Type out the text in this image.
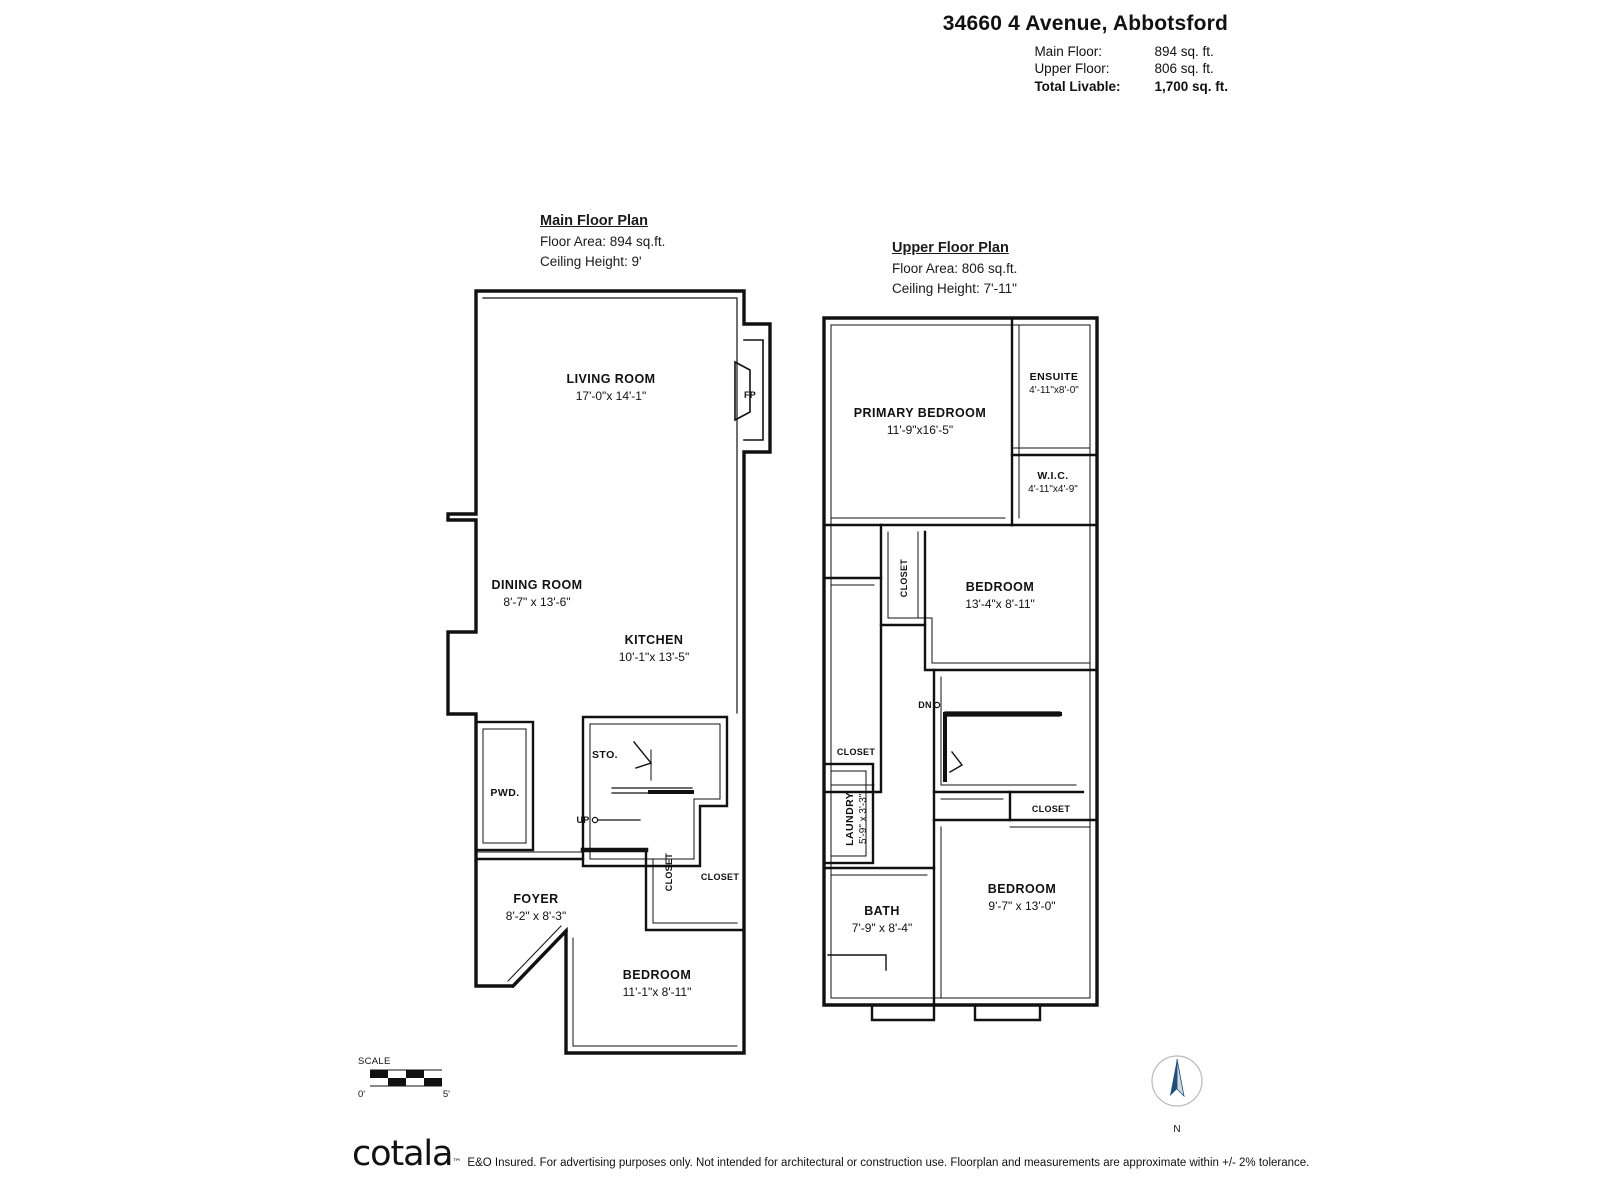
34660 4 Avenue, Abbotsford
Main Floor:	894 sq. ft.
Upper Floor:	806 sq. ft.
Total Livable:	1,700 sq. ft.
Main Floor Plan
Floor Area: 894 sq.ft.
Ceiling Height: 9'
Upper Floor Plan
Floor Area: 806 sq.ft.
Ceiling Height: 7'-11"
LIVING ROOM
17'-0"x 14'-1"
DINING ROOM
8'-7" x 13'-6"
KITCHEN
10'-1"x 13'-5"
PWD.
STO.
FOYER
8'-2" x 8'-3"
BEDROOM
11'-1"x 8'-11"
CLOSET	CLOSET
FP
UP
PRIMARY BEDROOM
11'-9"x16'-5"
ENSUITE
4'-11"x8'-0"
W.I.C.
4'-11"x4'-9"
BEDROOM
13'-4"x 8'-11"
BEDROOM
9'-7" x 13'-0"
LAUNDRY 5'-9" x 3'-3"
BATH
7'-9" x 8'-4"
CLOSET
CLOSET
CLOSET
DN
SCALE
0'	5'
N
cotala™ E&O Insured. For advertising purposes only. Not intended for architectural or construction use. Floorplan and measurements are approximate within +/- 2% tolerance.
